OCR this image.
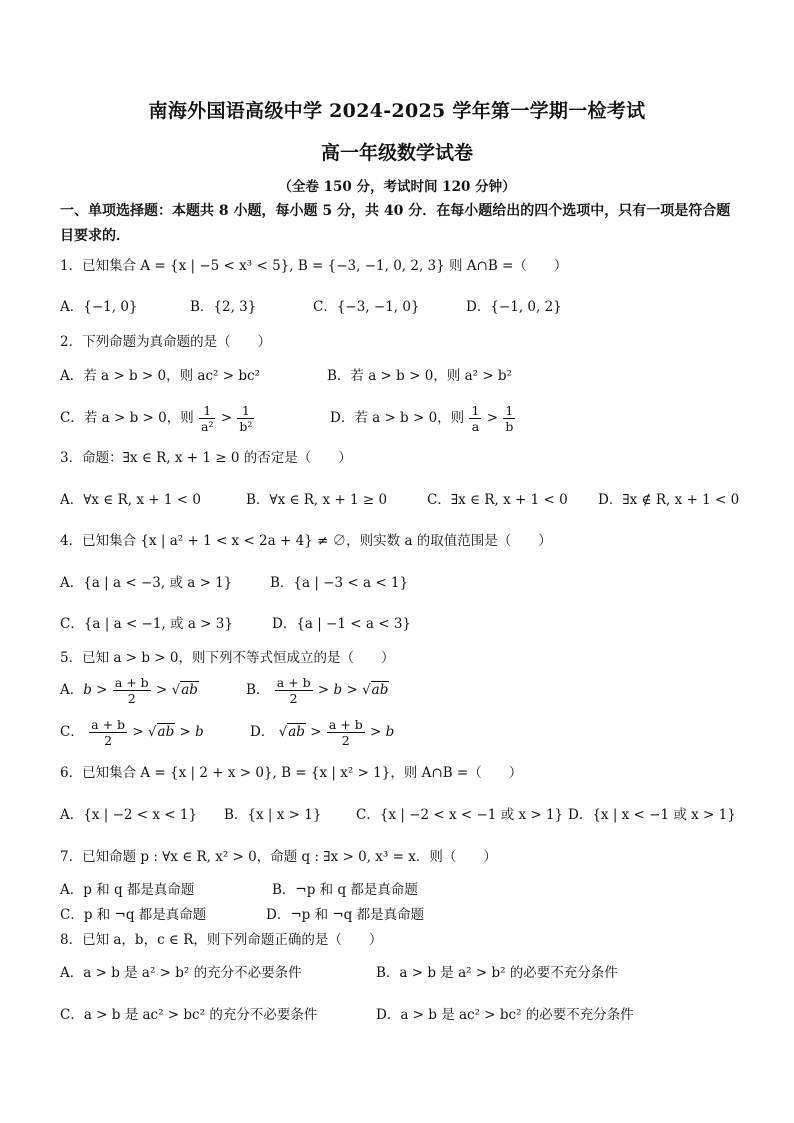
南海外国语高级中学 2024-2025 学年第一学期一检考试
高一年级数学试卷
（全卷 150 分，考试时间 120 分钟）
一、单项选择题：本题共 8 小题，每小题 5 分，共 40 分．在每小题给出的四个选项中，只有一项是符合题目要求的．
1．已知集合 A = {x | −5 < x³ < 5}, B = {−3, −1, 0, 2, 3} 则 A∩B =（　　）
A．{−1, 0}	B．{2, 3}	C．{−3, −1, 0}	D．{−1, 0, 2}
2．下列命题为真命题的是（　　）
A．若 a > b > 0，则 ac² > bc²	B．若 a > b > 0，则 a² > b²
C．若 a > b > 0，则 $\frac{1}{\text{a²}} > \frac{1}{\text{b²}}$	D．若 a > b > 0，则 $\frac{1}{a} > \frac{1}{b}$
3．命题：∃x ∈ R, x + 1 ≥ 0 的否定是（　　）
A．∀x ∈ R, x + 1 < 0	B．∀x ∈ R, x + 1 ≥ 0	C．∃x ∈ R, x + 1 < 0 D．∃x ∉ R, x + 1 < 0
4．已知集合 {x | a² + 1 < x < 2a + 4} ≠ ∅，则实数 a 的取值范围是（　　）
A．{a | a < −3, 或 a > 1}	B．{a | −3 < a < 1}
C．{a | a < −1, 或 a > 3}	D．{a | −1 < a < 3}
5．已知 a > b > 0，则下列不等式恒成立的是（　　）
A．$b > \frac{a + b}{2} > √ab$	B． $\frac{a + b}{2} > b > √ab$
C． $\frac{a + b}{2} > √ab > b$	D． $√ab > \frac{a + b}{2} > b$
6．已知集合 A = {x | 2 + x > 0}, B = {x | x² > 1}，则 A∩B =（　　）
A．{x | −2 < x < 1} B．{x | x > 1}	C．{x | −2 < x < −1 或 x > 1} D．{x | x < −1 或 x > 1}
7．已知命题 p : ∀x ∈ R, x² > 0，命题 q : ∃x > 0, x³ = x．则（　　）
A．p 和 q 都是真命题	B．¬p 和 q 都是真命题
C．p 和 ¬q 都是真命题	D．¬p 和 ¬q 都是真命题
8．已知 a，b，c ∈ R，则下列命题正确的是（　　）
A．a > b 是 a² > b² 的充分不必要条件	B．a > b 是 a² > b² 的必要不充分条件
C．a > b 是 ac² > bc² 的充分不必要条件	D．a > b 是 ac² > bc² 的必要不充分条件
